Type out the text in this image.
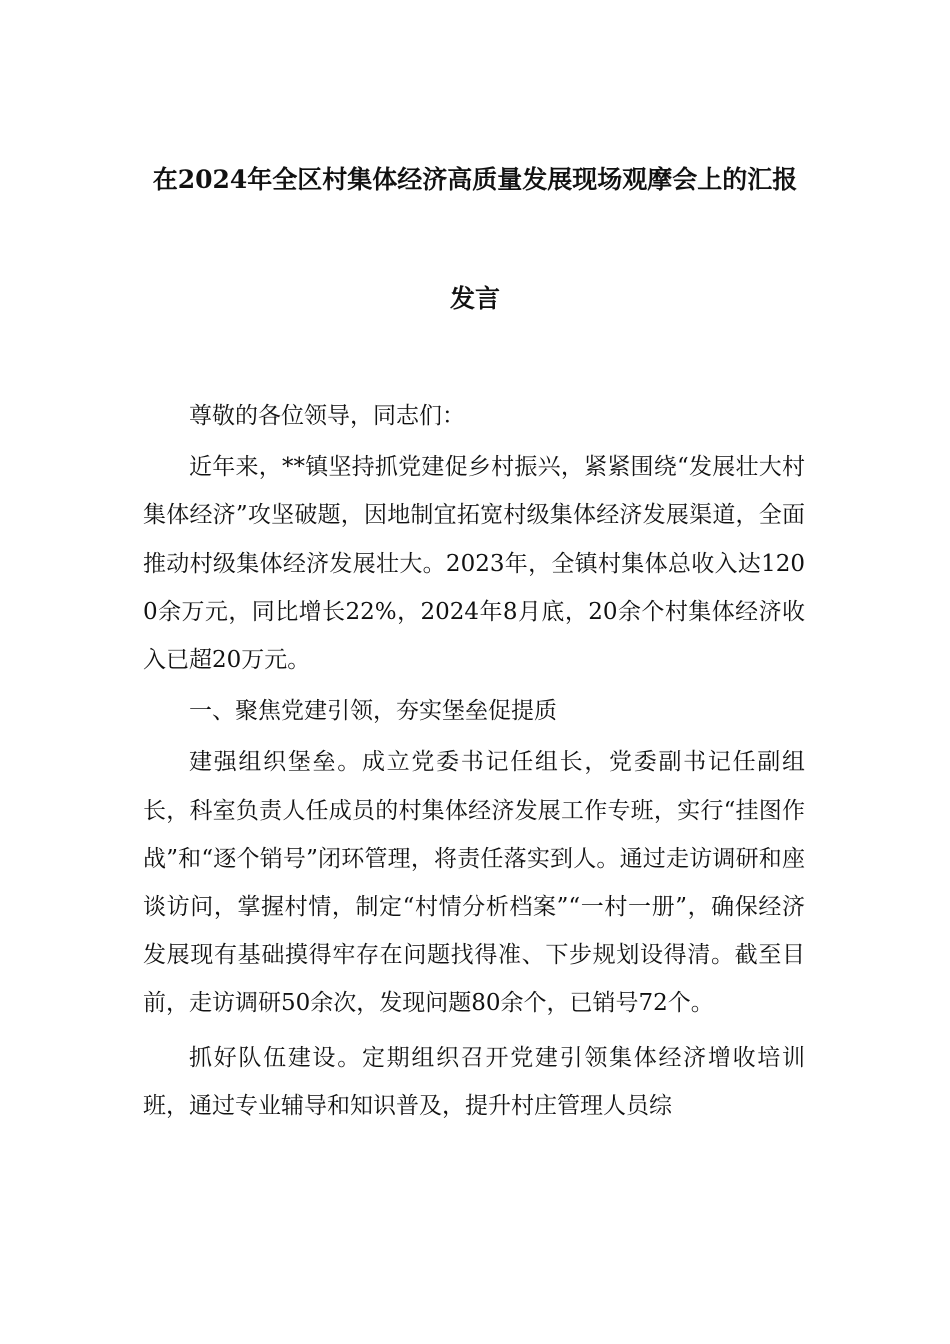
在2024年全区村集体经济高质量发展现场观摩会上的汇报
发言

尊敬的各位领导，同志们：

近年来，**镇坚持抓党建促乡村振兴，紧紧围绕“发展壮大村集体经济”攻坚破题，因地制宜拓宽村级集体经济发展渠道，全面推动村级集体经济发展壮大。2023年，全镇村集体总收入达1200余万元，同比增长22%，2024年8月底，20余个村集体经济收入已超20万元。

一、聚焦党建引领，夯实堡垒促提质

建强组织堡垒。成立党委书记任组长，党委副书记任副组长，科室负责人任成员的村集体经济发展工作专班，实行“挂图作战”和“逐个销号”闭环管理，将责任落实到人。通过走访调研和座谈访问，掌握村情，制定“村情分析档案”“一村一册”，确保经济发展现有基础摸得牢存在问题找得准、下步规划设得清。截至目前，走访调研50余次，发现问题80余个，已销号72个。

抓好队伍建设。定期组织召开党建引领集体经济增收培训班，通过专业辅导和知识普及，提升村庄管理人员综
